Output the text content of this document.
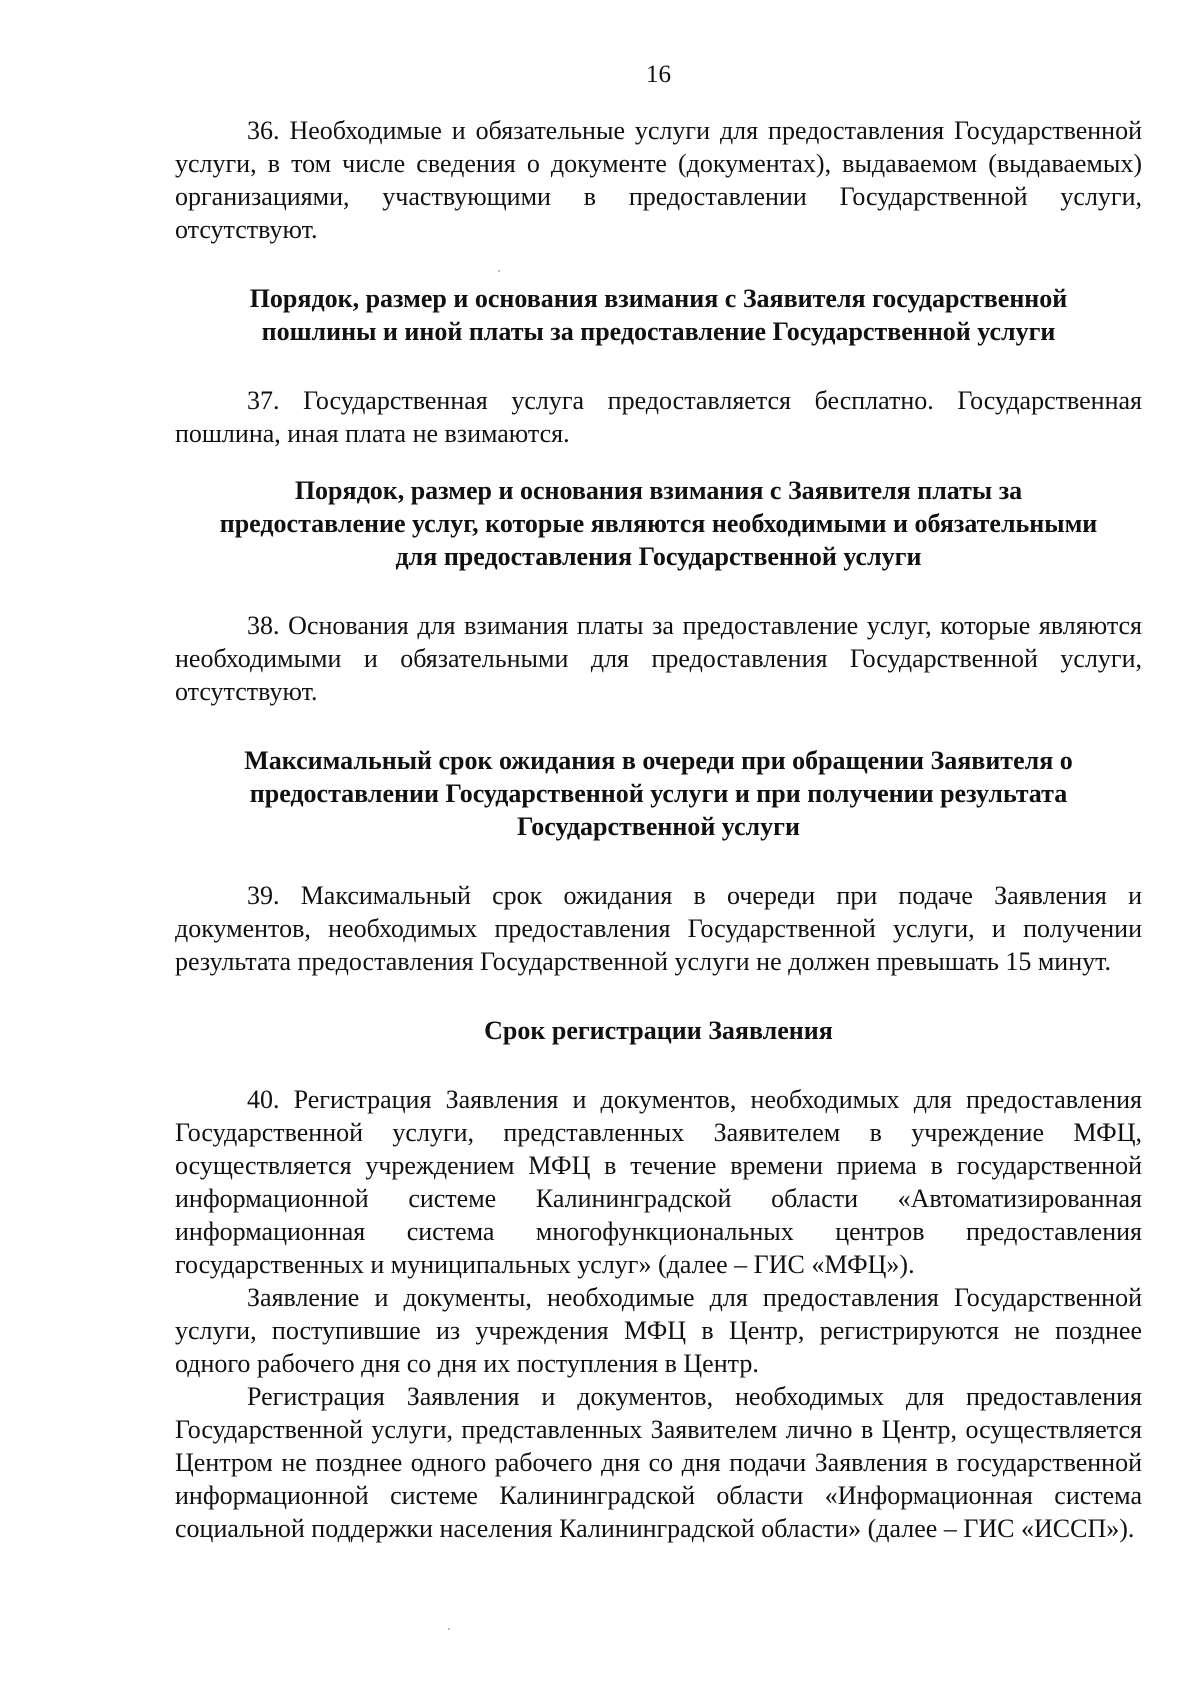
16

36. Необходимые и обязательные услуги для предоставления Государственной услуги, в том числе сведения о документе (документах), выдаваемом (выдаваемых) организациями, участвующими в предоставлении Государственной услуги, отсутствуют.

Порядок, размер и основания взимания с Заявителя государственной
пошлины и иной платы за предоставление Государственной услуги

37. Государственная услуга предоставляется бесплатно. Государственная пошлина, иная плата не взимаются.

Порядок, размер и основания взимания с Заявителя платы за
предоставление услуг, которые являются необходимыми и обязательными
для предоставления Государственной услуги

38. Основания для взимания платы за предоставление услуг, которые являются необходимыми и обязательными для предоставления Государственной услуги, отсутствуют.

Максимальный срок ожидания в очереди при обращении Заявителя о
предоставлении Государственной услуги и при получении результата
Государственной услуги

39. Максимальный срок ожидания в очереди при подаче Заявления и документов, необходимых предоставления Государственной услуги, и получении результата предоставления Государственной услуги не должен превышать 15 минут.

Срок регистрации Заявления

40. Регистрация Заявления и документов, необходимых для предоставления Государственной услуги, представленных Заявителем в учреждение МФЦ, осуществляется учреждением МФЦ в течение времени приема в государственной информационной системе Калининградской области «Автоматизированная информационная система многофункциональных центров предоставления государственных и муниципальных услуг» (далее – ГИС «МФЦ»).

Заявление и документы, необходимые для предоставления Государственной услуги, поступившие из учреждения МФЦ в Центр, регистрируются не позднее одного рабочего дня со дня их поступления в Центр.

Регистрация Заявления и документов, необходимых для предоставления Государственной услуги, представленных Заявителем лично в Центр, осуществляется Центром не позднее одного рабочего дня со дня подачи Заявления в государственной информационной системе Калининградской области «Информационная система социальной поддержки населения Калининградской области» (далее – ГИС «ИССП»).
